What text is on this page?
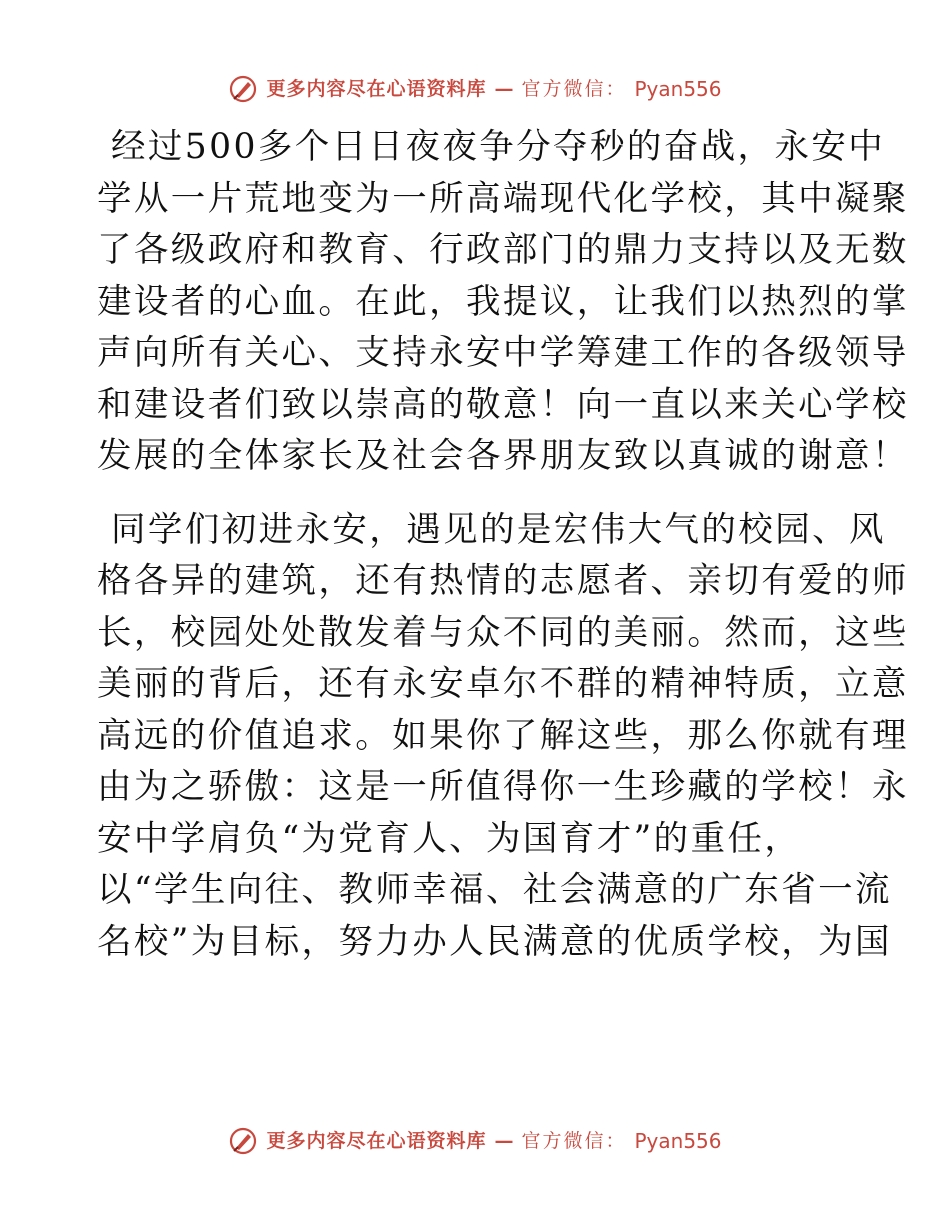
更多内容尽在心语资料库 — 官方微信： Pyan556
经过500多个日日夜夜争分夺秒的奋战，永安中
学从一片荒地变为一所高端现代化学校，其中凝聚
了各级政府和教育、行政部门的鼎力支持以及无数
建设者的心血。在此，我提议，让我们以热烈的掌
声向所有关心、支持永安中学筹建工作的各级领导
和建设者们致以崇高的敬意！向一直以来关心学校
发展的全体家长及社会各界朋友致以真诚的谢意！
同学们初进永安，遇见的是宏伟大气的校园、风
格各异的建筑，还有热情的志愿者、亲切有爱的师
长，校园处处散发着与众不同的美丽。然而，这些
美丽的背后，还有永安卓尔不群的精神特质，立意
高远的价值追求。如果你了解这些，那么你就有理
由为之骄傲：这是一所值得你一生珍藏的学校！永
安中学肩负“为党育人、为国育才”的重任，
以“学生向往、教师幸福、社会满意的广东省一流
名校”为目标，努力办人民满意的优质学校，为国
更多内容尽在心语资料库 — 官方微信： Pyan556
